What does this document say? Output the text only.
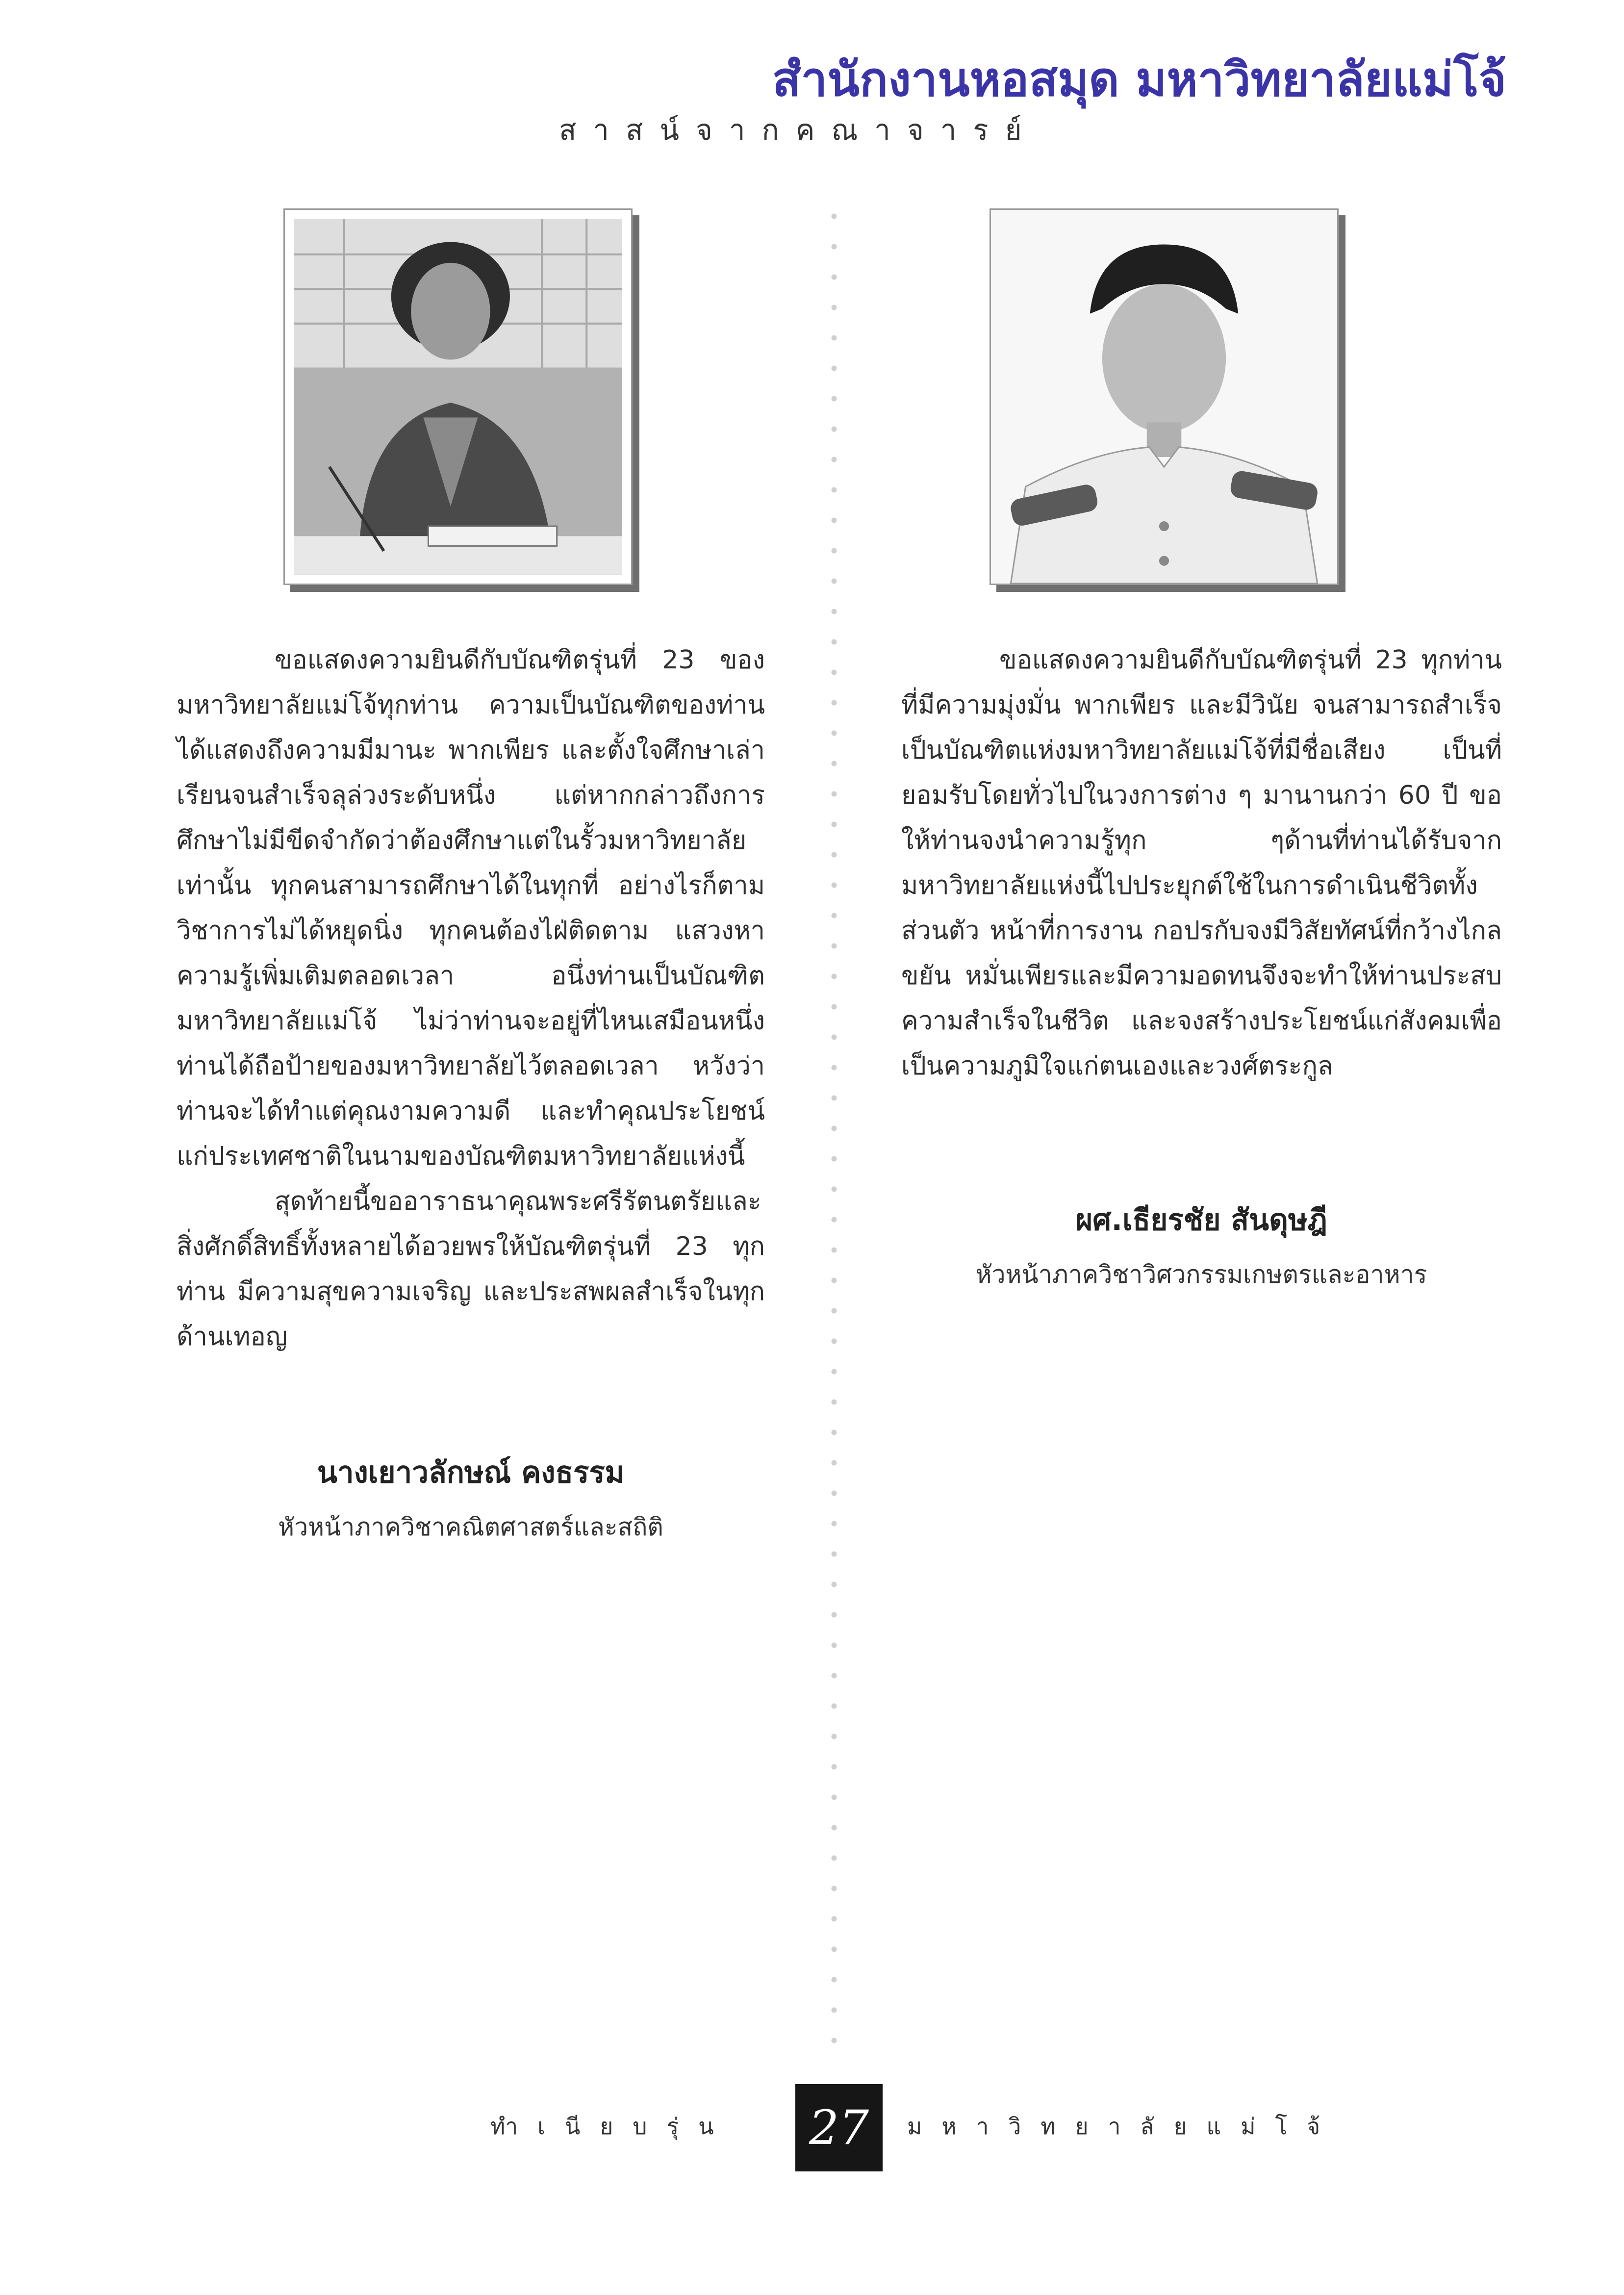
สำนักงานหอสมุด มหาวิทยาลัยแม่โจ้
สาสน์จากคณาจารย์

ขอแสดงความยินดีกับบัณฑิตรุ่นที่ 23 ของมหาวิทยาลัยแม่โจ้ทุกท่าน ความเป็นบัณฑิตของท่านได้แสดงถึงความมีมานะ พากเพียร และตั้งใจศึกษาเล่าเรียนจนสำเร็จลุล่วงระดับหนึ่ง แต่หากกล่าวถึงการศึกษาไม่มีขีดจำกัดว่าต้องศึกษาแต่ในรั้วมหาวิทยาลัยเท่านั้น ทุกคนสามารถศึกษาได้ในทุกที่ อย่างไรก็ตามวิชาการไม่ได้หยุดนิ่ง ทุกคนต้องไฝ่ติดตาม แสวงหาความรู้เพิ่มเติมตลอดเวลา อนึ่งท่านเป็นบัณฑิตมหาวิทยาลัยแม่โจ้ ไม่ว่าท่านจะอยู่ที่ไหนเสมือนหนึ่งท่านได้ถือป้ายของมหาวิทยาลัยไว้ตลอดเวลา หวังว่าท่านจะได้ทำแต่คุณงามความดี และทำคุณประโยชน์แก่ประเทศชาติในนามของบัณฑิตมหาวิทยาลัยแห่งนี้

สุดท้ายนี้ขออาราธนาคุณพระศรีรัตนตรัยและสิ่งศักดิ์สิทธิ์ทั้งหลายได้อวยพรให้บัณฑิตรุ่นที่ 23 ทุกท่าน มีความสุขความเจริญ และประสพผลสำเร็จในทุกด้านเทอญ

นางเยาวลักษณ์ คงธรรม
หัวหน้าภาควิชาคณิตศาสตร์และสถิติ

ขอแสดงความยินดีกับบัณฑิตรุ่นที่ 23 ทุกท่านที่มีความมุ่งมั่น พากเพียร และมีวินัย จนสามารถสำเร็จเป็นบัณฑิตแห่งมหาวิทยาลัยแม่โจ้ที่มีชื่อเสียง เป็นที่ยอมรับโดยทั่วไปในวงการต่าง ๆ มานานกว่า 60 ปี ขอให้ท่านจงนำความรู้ทุก ๆด้านที่ท่านได้รับจากมหาวิทยาลัยแห่งนี้ไปประยุกต์ใช้ในการดำเนินชีวิตทั้งส่วนตัว หน้าที่การงาน กอปรกับจงมีวิสัยทัศน์ที่กว้างไกล ขยัน หมั่นเพียรและมีความอดทนจึงจะทำให้ท่านประสบความสำเร็จในชีวิต และจงสร้างประโยชน์แก่สังคมเพื่อเป็นความภูมิใจแก่ตนเองและวงศ์ตระกูล

ผศ.เธียรชัย สันดุษฎี
หัวหน้าภาควิชาวิศวกรรมเกษตรและอาหาร
ทำเนียบรุ่น 27	มหาวิทยาลัยแม่โจ้
